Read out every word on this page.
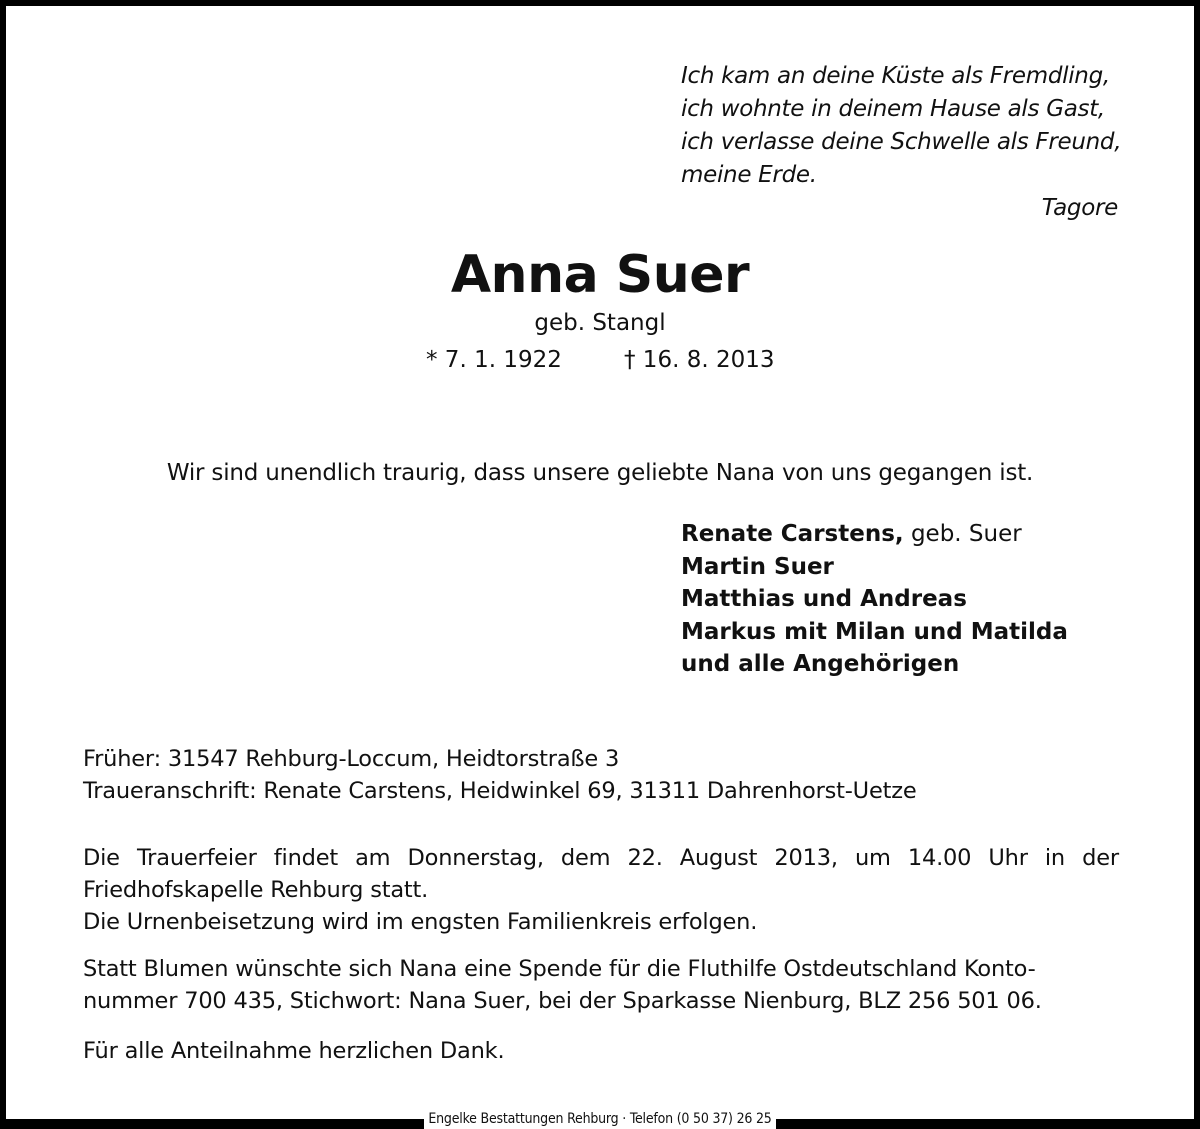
Ich kam an deine Küste als Fremdling,
ich wohnte in deinem Hause als Gast,
ich verlasse deine Schwelle als Freund,
meine Erde.
Tagore
Anna Suer
geb. Stangl
* 7. 1. 1922	† 16. 8. 2013
Wir sind unendlich traurig, dass unsere geliebte Nana von uns gegangen ist.
Renate Carstens, geb. Suer
Martin Suer
Matthias und Andreas
Markus mit Milan und Matilda
und alle Angehörigen
Früher: 31547 Rehburg-Loccum, Heidtorstraße 3
Traueranschrift: Renate Carstens, Heidwinkel 69, 31311 Dahrenhorst-Uetze
Die Trauerfeier findet am Donnerstag, dem 22. August 2013, um 14.00 Uhr in der
Friedhofskapelle Rehburg statt.
Die Urnenbeisetzung wird im engsten Familienkreis erfolgen.
Statt Blumen wünschte sich Nana eine Spende für die Fluthilfe Ostdeutschland Konto-
nummer 700 435, Stichwort: Nana Suer, bei der Sparkasse Nienburg, BLZ 256 501 06.
Für alle Anteilnahme herzlichen Dank.
Engelke Bestattungen Rehburg · Telefon (0 50 37) 26 25
